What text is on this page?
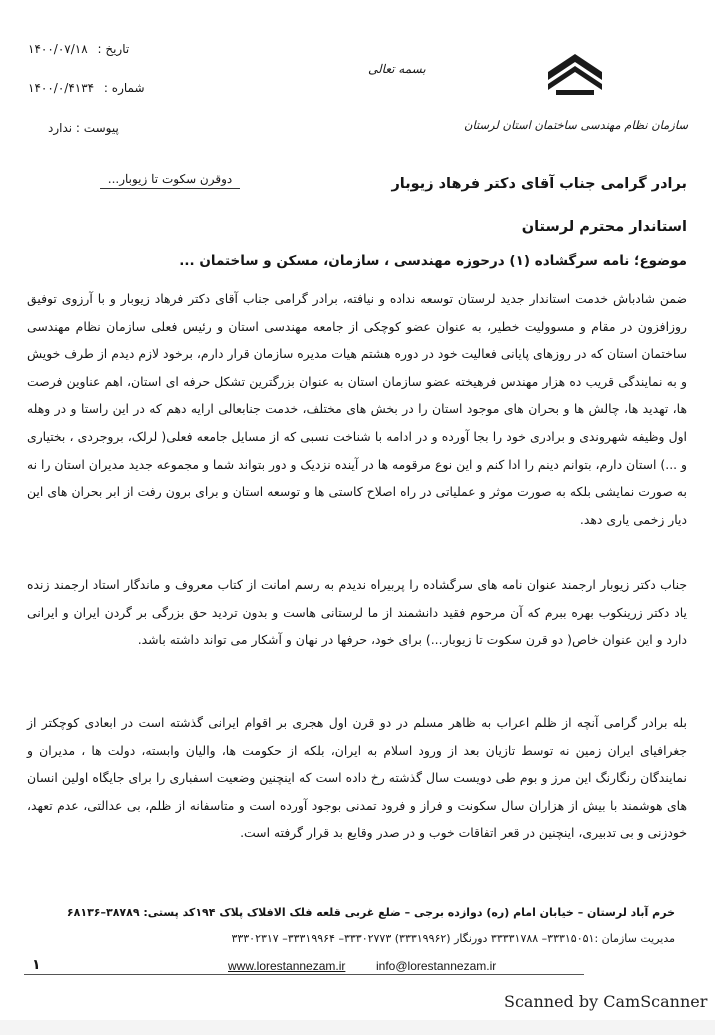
تاریخ : ۱۴۰۰/۰۷/۱۸
شماره : ۱۴۰۰/۰/۴۱۳۴
پیوست : ندارد
بسمه تعالی
سازمان نظام مهندسی ساختمان استان لرستان
دوقرن سکوت تا زیوبار...	برادر گرامی جناب آقای دکتر فرهاد زیوبار
استاندار محترم لرستان
موضوع؛ نامه سرگشاده (۱) درحوزه مهندسی ، سازمان، مسکن و ساختمان ...

ضمن شادباش خدمت استاندار جدید لرستان توسعه نداده و نیافته، برادر گرامی جناب آقای دکتر فرهاد زیوبار و با آرزوی توفیق روزافزون در مقام و مسوولیت خطیر، به عنوان عضو کوچکی از جامعه مهندسی استان و رئیس فعلی سازمان نظام مهندسی ساختمان استان که در روزهای پایانی فعالیت خود در دوره هشتم هیات مدیره سازمان قرار دارم، برخود لازم دیدم از طرف خویش و به نمایندگی قریب ده هزار مهندس فرهیخته عضو سازمان استان به عنوان بزرگترین تشکل حرفه ای استان، اهم عناوین فرصت ها، تهدید ها، چالش ها و بحران های موجود استان را در بخش های مختلف، خدمت جنابعالی ارایه دهم که در این راستا و در وهله اول وظیفه شهروندی و برادری خود را بجا آورده و در ادامه با شناخت نسبی که از مسایل جامعه فعلی( لرلک، بروجردی ، بختیاری و ...) استان دارم، بتوانم دینم را ادا کنم و این نوع مرقومه ها در آینده نزدیک و دور بتواند شما و مجموعه جدید مدیران استان را نه به صورت نمایشی بلکه به صورت موثر و عملیاتی در راه اصلاح کاستی ها و توسعه استان و برای برون رفت از ابر بحران های این دیار زخمی یاری دهد.

جناب دکتر زیوبار ارجمند عنوان نامه های سرگشاده را پربیراه ندیدم به رسم امانت از کتاب معروف و ماندگار استاد ارجمند زنده یاد دکتر زرینکوب بهره ببرم که آن مرحوم فقید دانشمند از ما لرستانی هاست و بدون تردید حق بزرگی بر گردن ایران و ایرانی دارد و این عنوان خاص( دو قرن سکوت تا زیوبار...) برای خود، حرفها در نهان و آشکار می تواند داشته باشد.

بله برادر گرامی آنچه از ظلم اعراب به ظاهر مسلم در دو قرن اول هجری بر اقوام ایرانی گذشته است در ابعادی کوچکتر از جغرافیای ایران زمین نه توسط تازیان بعد از ورود اسلام به ایران، بلکه از حکومت ها، والیان وابسته، دولت ها ، مدیران و نمایندگان رنگارنگ این مرز و بوم طی دویست سال گذشته رخ داده است که اینچنین وضعیت اسفباری را برای جایگاه اولین انسان های هوشمند با بیش از هزاران سال سکونت و فراز و فرود تمدنی بوجود آورده است و متاسفانه از ظلم، بی عدالتی، عدم تعهد، خودزنی و بی تدبیری، اینچنین در قعر اتفاقات خوب و در صدر وقایع بد قرار گرفته است.

خرم آباد لرستان – خیابان امام (ره) دوازده برجی – ضلع غربی قلعه فلک الافلاک پلاک ۱۹۴کد پستی: ۳۸۷۸۹–۶۸۱۳۶
مدیریت سازمان :۳۳۳۱۵۰۵۱– ۳۳۳۳۱۷۸۸ دورنگار (۳۳۳۱۹۹۶۲) ۳۳۳۰۲۷۷۳– ۳۳۳۱۹۹۶۴– ۳۳۳۰۲۳۱۷
۱	www.lorestannezam.ir	info@lorestannezam.ir
Scanned by CamScanner
